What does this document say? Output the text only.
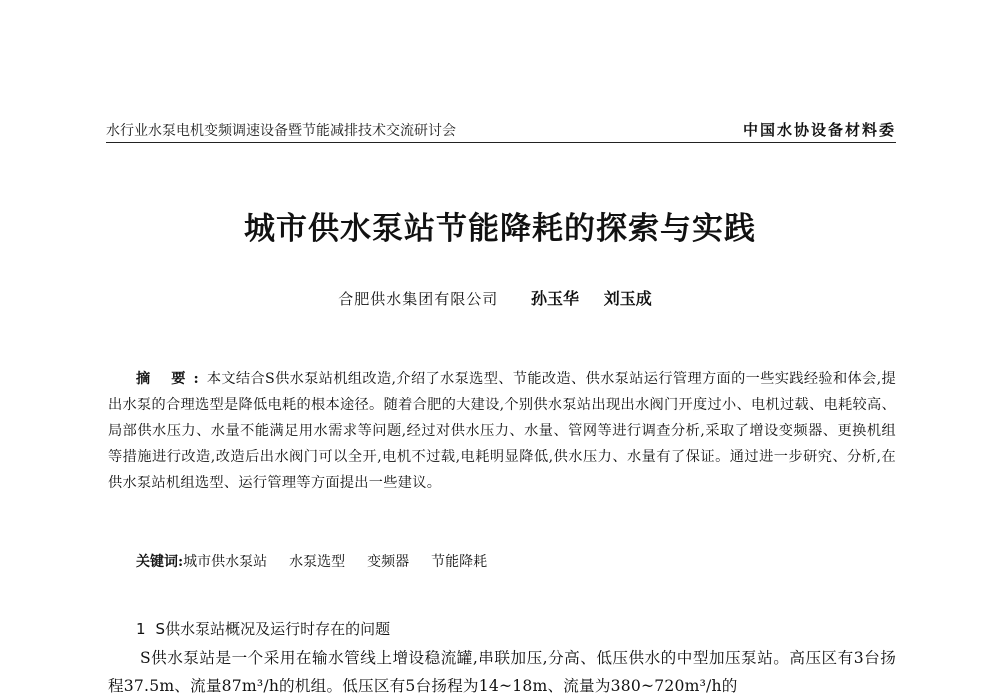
水行业水泵电机变频调速设备暨节能减排技术交流研讨会	中国水协设备材料委
城市供水泵站节能降耗的探索与实践
合肥供水集团有限公司 孙玉华 刘玉成
摘 要:本文结合S供水泵站机组改造,介绍了水泵选型、节能改造、供水泵站运行管理方面的一些实践经验和体会,提出水泵的合理选型是降低电耗的根本途径。随着合肥的大建设,个别供水泵站出现出水阀门开度过小、电机过载、电耗较高、局部供水压力、水量不能满足用水需求等问题,经过对供水压力、水量、管网等进行调查分析,采取了增设变频器、更换机组等措施进行改造,改造后出水阀门可以全开,电机不过载,电耗明显降低,供水压力、水量有了保证。通过进一步研究、分析,在供水泵站机组选型、运行管理等方面提出一些建议。
关键词:城市供水泵站 水泵选型 变频器 节能降耗
1 S供水泵站概况及运行时存在的问题
S供水泵站是一个采用在输水管线上增设稳流罐,串联加压,分高、低压供水的中型加压泵站。高压区有3台扬程37.5m、流量87m³/h的机组。低压区有5台扬程为14~18m、流量为380~720m³/h的
